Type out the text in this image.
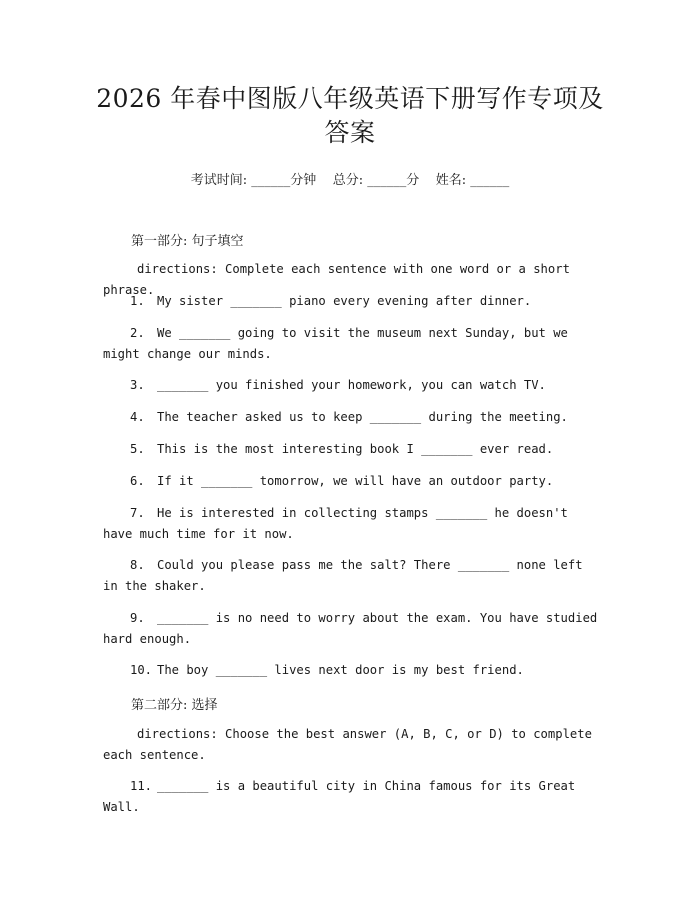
2026 年春中图版八年级英语下册写作专项及
答案
考试时间: ______分钟    总分: ______分    姓名: ______
第一部分: 句子填空
directions: Complete each sentence with one word or a short phrase.
1. My sister _______ piano every evening after dinner.
2. We _______ going to visit the museum next Sunday, but we might change our minds.
3. _______ you finished your homework, you can watch TV.
4. The teacher asked us to keep _______ during the meeting.
5. This is the most interesting book I _______ ever read.
6. If it _______ tomorrow, we will have an outdoor party.
7. He is interested in collecting stamps _______ he doesn't have much time for it now.
8. Could you please pass me the salt? There _______ none left in the shaker.
9. _______ is no need to worry about the exam. You have studied hard enough.
10. The boy _______ lives next door is my best friend.
第二部分: 选择
directions: Choose the best answer (A, B, C, or D) to complete each sentence.
11. _______ is a beautiful city in China famous for its Great Wall.
